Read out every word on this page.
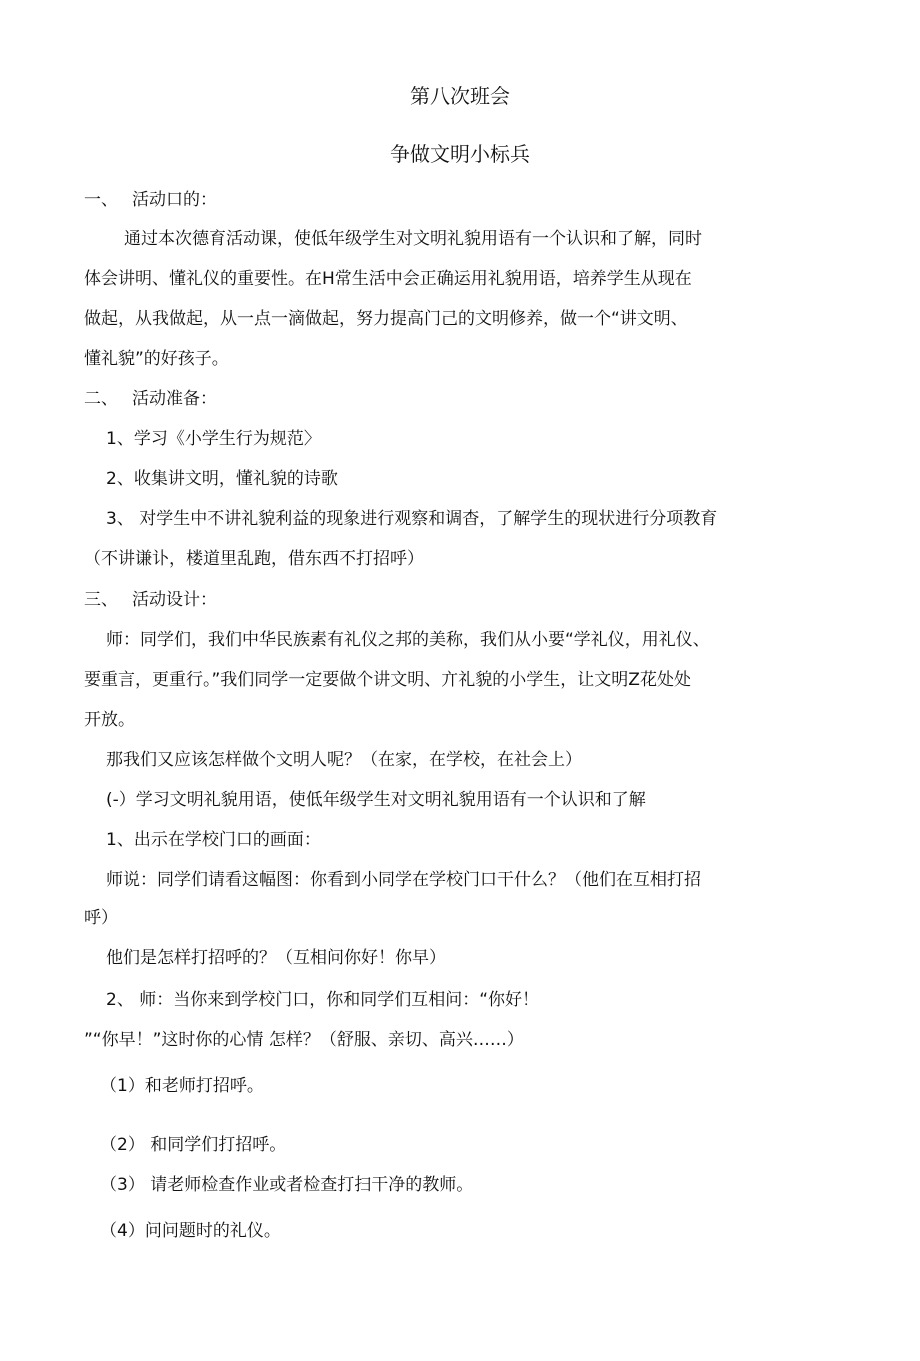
第八次班会
争做文明小标兵
一、 活动口的：
通过本次德育活动课，使低年级学生对文明礼貌用语有一个认识和了解，同时
体会讲明、懂礼仪的重要性。在H常生活中会正确运用礼貌用语，培养学生从现在
做起，从我做起，从一点一滴做起，努力提高门己的文明修养，做一个“讲文明、
懂礼貌”的好孩子。
二、 活动准备：
1、学习《小学生行为规范〉
2、收集讲文明，懂礼貌的诗歌
3、 对学生中不讲礼貌利益的现象进行观察和调杳，了解学生的现状进行分项教育
（不讲谦讣，楼道里乱跑，借东西不打招呼）
三、 活动设计：
师：同学们，我们中华民族素有礼仪之邦的美称，我们从小要“学礼仪，用礼仪、
要重言，更重行。”我们同学一定要做个讲文明、亣礼貌的小学生，让文明Z花处处
开放。
那我们又应该怎样做个文明人呢？（在家，在学校，在社会上）
(-）学习文明礼貌用语，使低年级学生对文明礼貌用语有一个认识和了解
1、出示在学校门口的画面：
师说：同学们请看这幅图：你看到小同学在学校门口干什么？（他们在互相打招
呼）
他们是怎样打招呼的？（互相问你好！你早）
2、 师：当你来到学校门口，你和同学们互相问：“你好！
”“你早！”这时你的心情 怎样？（舒服、亲切、高兴……）
（1）和老师打招呼。
（2） 和同学们打招呼。
（3） 请老师检查作业或者检查打扫干净的教师。
（4）问问题时的礼仪。
